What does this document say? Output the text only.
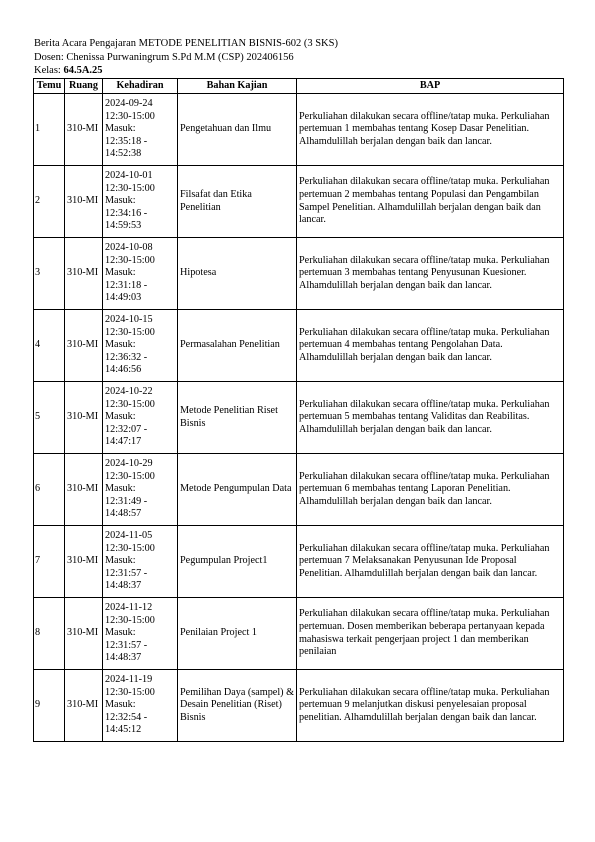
Berita Acara Pengajaran METODE PENELITIAN BISNIS-602 (3 SKS)
Dosen: Chenissa Purwaningrum S.Pd M.M (CSP) 202406156
Kelas: 64.5A.25
Temu	Ruang	Kehadiran	Bahan Kajian	BAP
1	310-MI	2024-09-24
12:30-15:00
Masuk:
12:35:18 -
14:52:38	Pengetahuan dan Ilmu	Perkuliahan dilakukan secara offline/tatap muka. Perkuliahan pertemuan 1 membahas tentang Kosep Dasar Penelitian. Alhamdulillah berjalan dengan baik dan lancar.
2	310-MI	2024-10-01
12:30-15:00
Masuk:
12:34:16 -
14:59:53	Filsafat dan Etika Penelitian	Perkuliahan dilakukan secara offline/tatap muka. Perkuliahan pertemuan 2 membahas tentang Populasi dan Pengambilan Sampel Penelitian. Alhamdulillah berjalan dengan baik dan lancar.
3	310-MI	2024-10-08
12:30-15:00
Masuk:
12:31:18 -
14:49:03	Hipotesa	Perkuliahan dilakukan secara offline/tatap muka. Perkuliahan pertemuan 3 membahas tentang Penyusunan Kuesioner. Alhamdulillah berjalan dengan baik dan lancar.
4	310-MI	2024-10-15
12:30-15:00
Masuk:
12:36:32 -
14:46:56	Permasalahan Penelitian	Perkuliahan dilakukan secara offline/tatap muka. Perkuliahan pertemuan 4 membahas tentang Pengolahan Data. Alhamdulillah berjalan dengan baik dan lancar.
5	310-MI	2024-10-22
12:30-15:00
Masuk:
12:32:07 -
14:47:17	Metode Penelitian Riset Bisnis	Perkuliahan dilakukan secara offline/tatap muka. Perkuliahan pertemuan 5 membahas tentang Validitas dan Reabilitas. Alhamdulillah berjalan dengan baik dan lancar.
6	310-MI	2024-10-29
12:30-15:00
Masuk:
12:31:49 -
14:48:57	Metode Pengumpulan Data	Perkuliahan dilakukan secara offline/tatap muka. Perkuliahan pertemuan 6 membahas tentang Laporan Penelitian. Alhamdulillah berjalan dengan baik dan lancar.
7	310-MI	2024-11-05
12:30-15:00
Masuk:
12:31:57 -
14:48:37	Pegumpulan Project1	Perkuliahan dilakukan secara offline/tatap muka. Perkuliahan pertemuan 7 Melaksanakan Penyusunan Ide Proposal Penelitian. Alhamdulillah berjalan dengan baik dan lancar.
8	310-MI	2024-11-12
12:30-15:00
Masuk:
12:31:57 -
14:48:37	Penilaian Project 1	Perkuliahan dilakukan secara offline/tatap muka. Perkuliahan pertemuan. Dosen memberikan beberapa pertanyaan kepada mahasiswa terkait pengerjaan project 1 dan memberikan penilaian
9	310-MI	2024-11-19
12:30-15:00
Masuk:
12:32:54 -
14:45:12	Pemilihan Daya (sampel) & Desain Penelitian (Riset) Bisnis	Perkuliahan dilakukan secara offline/tatap muka. Perkuliahan pertemuan 9 melanjutkan diskusi penyelesaian proposal penelitian. Alhamdulillah berjalan dengan baik dan lancar.
